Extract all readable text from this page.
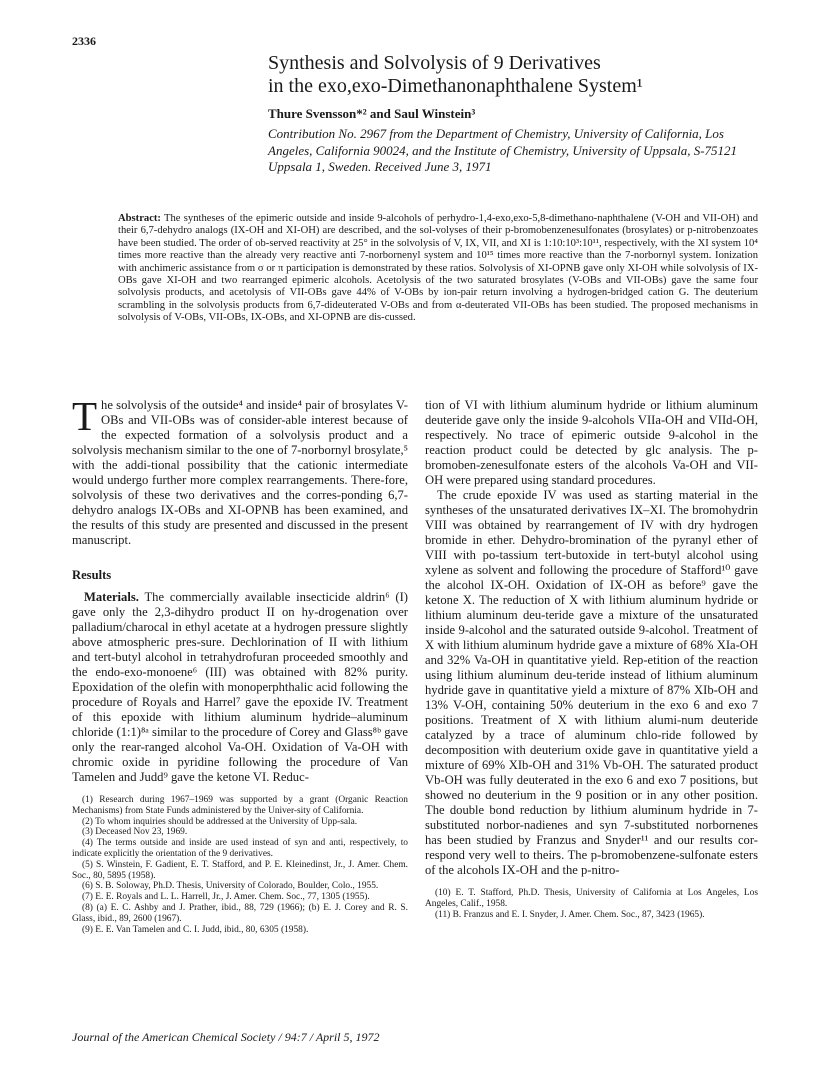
2336
Synthesis and Solvolysis of 9 Derivatives
in the exo,exo-Dimethanonaphthalene System¹
Thure Svensson*² and Saul Winstein³
Contribution No. 2967 from the Department of Chemistry, University of California, Los Angeles, California 90024, and the Institute of Chemistry, University of Uppsala, S-75121 Uppsala 1, Sweden. Received June 3, 1971
Abstract: The syntheses of the epimeric outside and inside 9-alcohols of perhydro-1,4-exo,exo-5,8-dimethano-naphthalene (V-OH and VII-OH) and their 6,7-dehydro analogs (IX-OH and XI-OH) are described, and the sol-volyses of their p-bromobenzenesulfonates (brosylates) or p-nitrobenzoates have been studied. The order of ob-served reactivity at 25° in the solvolysis of V, IX, VII, and XI is 1:10:10³:10¹¹, respectively, with the XI system 10⁴ times more reactive than the already very reactive anti 7-norbornenyl system and 10¹⁵ times more reactive than the 7-norbornyl system. Ionization with anchimeric assistance from σ or π participation is demonstrated by these ratios. Solvolysis of XI-OPNB gave only XI-OH while solvolysis of IX-OBs gave XI-OH and two rearranged epimeric alcohols. Acetolysis of the two saturated brosylates (V-OBs and VII-OBs) gave the same four solvolysis products, and acetolysis of VII-OBs gave 44% of V-OBs by ion-pair return involving a hydrogen-bridged cation G. The deuterium scrambling in the solvolysis products from 6,7-dideuterated V-OBs and from α-deuterated VII-OBs has been studied. The proposed mechanisms in solvolysis of V-OBs, VII-OBs, IX-OBs, and XI-OPNB are dis-cussed.

The solvolysis of the outside⁴ and inside⁴ pair of brosylates V-OBs and VII-OBs was of consider-able interest because of the expected formation of a solvolysis product and a solvolysis mechanism similar to the one of 7-norbornyl brosylate,⁵ with the addi-tional possibility that the cationic intermediate would undergo further more complex rearrangements. There-fore, solvolysis of these two derivatives and the corres-ponding 6,7-dehydro analogs IX-OBs and XI-OPNB has been examined, and the results of this study are presented and discussed in the present manuscript.

Results

Materials. The commercially available insecticide aldrin⁶ (I) gave only the 2,3-dihydro product II on hy-drogenation over palladium/charocal in ethyl acetate at a hydrogen pressure slightly above atmospheric pres-sure. Dechlorination of II with lithium and tert-butyl alcohol in tetrahydrofuran proceeded smoothly and the endo-exo-monoene⁶ (III) was obtained with 82% purity. Epoxidation of the olefin with monoperphthalic acid following the procedure of Royals and Harrel⁷ gave the epoxide IV. Treatment of this epoxide with lithium aluminum hydride–aluminum chloride (1:1)⁸ᵃ similar to the procedure of Corey and Glass⁸ᵇ gave only the rear-ranged alcohol Va-OH. Oxidation of Va-OH with chromic oxide in pyridine following the procedure of Van Tamelen and Judd⁹ gave the ketone VI. Reduc-

(1) Research during 1967–1969 was supported by a grant (Organic Reaction Mechanisms) from State Funds administered by the Univer-sity of California.

(2) To whom inquiries should be addressed at the University of Upp-sala.

(3) Deceased Nov 23, 1969.

(4) The terms outside and inside are used instead of syn and anti, respectively, to indicate explicitly the orientation of the 9 derivatives.

(5) S. Winstein, F. Gadient, E. T. Stafford, and P. E. Kleinedinst, Jr., J. Amer. Chem. Soc., 80, 5895 (1958).

(6) S. B. Soloway, Ph.D. Thesis, University of Colorado, Boulder, Colo., 1955.

(7) E. E. Royals and L. L. Harrell, Jr., J. Amer. Chem. Soc., 77, 1305 (1955).

(8) (a) E. C. Ashby and J. Prather, ibid., 88, 729 (1966); (b) E. J. Corey and R. S. Glass, ibid., 89, 2600 (1967).

(9) E. E. Van Tamelen and C. I. Judd, ibid., 80, 6305 (1958).

tion of VI with lithium aluminum hydride or lithium aluminum deuteride gave only the inside 9-alcohols VIIa-OH and VIId-OH, respectively. No trace of epimeric outside 9-alcohol in the reaction product could be detected by glc analysis. The p-bromoben-zenesulfonate esters of the alcohols Va-OH and VII-OH were prepared using standard procedures.

The crude epoxide IV was used as starting material in the syntheses of the unsaturated derivatives IX–XI. The bromohydrin VIII was obtained by rearrangement of IV with dry hydrogen bromide in ether. Dehydro-bromination of the pyranyl ether of VIII with po-tassium tert-butoxide in tert-butyl alcohol using xylene as solvent and following the procedure of Stafford¹⁰ gave the alcohol IX-OH. Oxidation of IX-OH as before⁹ gave the ketone X. The reduction of X with lithium aluminum hydride or lithium aluminum deu-teride gave a mixture of the unsaturated inside 9-alcohol and the saturated outside 9-alcohol. Treatment of X with lithium aluminum hydride gave a mixture of 68% XIa-OH and 32% Va-OH in quantitative yield. Rep-etition of the reaction using lithium aluminum deu-teride instead of lithium aluminum hydride gave in quantitative yield a mixture of 87% XIb-OH and 13% V-OH, containing 50% deuterium in the exo 6 and exo 7 positions. Treatment of X with lithium alumi-num deuteride catalyzed by a trace of aluminum chlo-ride followed by decomposition with deuterium oxide gave in quantitative yield a mixture of 69% XIb-OH and 31% Vb-OH. The saturated product Vb-OH was fully deuterated in the exo 6 and exo 7 positions, but showed no deuterium in the 9 position or in any other position. The double bond reduction by lithium aluminum hydride in 7-substituted norbor-nadienes and syn 7-substituted norbornenes has been studied by Franzus and Snyder¹¹ and our results cor-respond very well to theirs. The p-bromobenzene-sulfonate esters of the alcohols IX-OH and the p-nitro-

(10) E. T. Stafford, Ph.D. Thesis, University of California at Los Angeles, Los Angeles, Calif., 1958.

(11) B. Franzus and E. I. Snyder, J. Amer. Chem. Soc., 87, 3423 (1965).

Journal of the American Chemical Society / 94:7 / April 5, 1972
